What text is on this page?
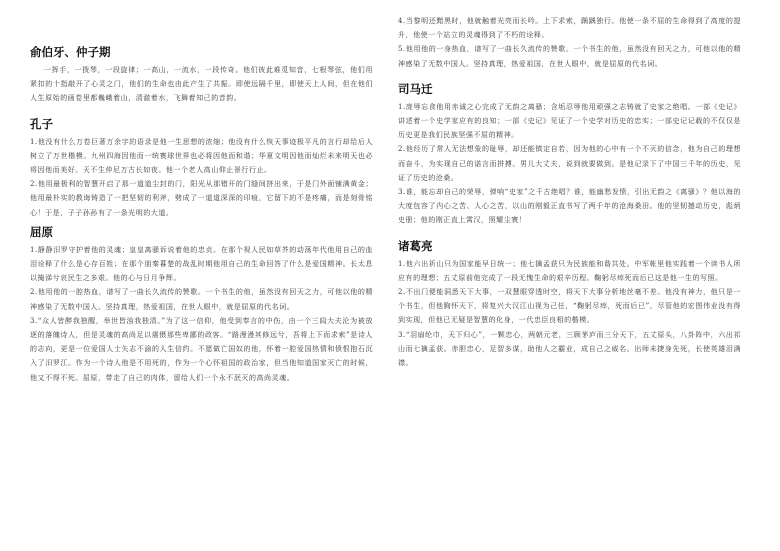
俞伯牙、仲子期

一挥手，一拨琴，一段旋律；一高山，一流水，一段传奇。他们彼此难觅知音，七根琴弦，他们用紧扣的十指敲开了心灵之门，他们的生命也由此产生了共振。即使远隔千里，即使天上人间，但在他们人生原始的画卷里都巍峨着山，清澈着水，飞舞着知己的音韵。

孔子

1.他没有什么万卷巨著万余字的语录是他一生思想的浓缩；他没有什么恢天事迹极平凡的言行却给后人树立了万世楷模。九州四海因他而一统寰球世界也必将因他而和谐；华夏文明因他而灿烂未来明天也必将因他而美好。天不生仲尼万古长如夜。他一个老人高山仰止景行行止。

2.他用最极利的智慧开启了那一道道尘封的门，阳光从那错开的门缝间挤出来，于是门外面铺满黄金；他用最朴实的教诲铸造了一把坚韧的利斧，劈成了一道道深深的印痕，它留下的不是疼痛，而是刻骨铭心！于是，子子孙孙有了一条光明的大道。

屈原

1.静静汨罗守护着他的灵魂；皇皇离骚诉说着他的忠贞。在那个视人民如草芥的动荡年代他用自己的血泪诠释了什么是心存百姓；在那个朋秦暮楚的战乱时期他用自己的生命回答了什么是爱国精神。长太息以掩涕兮哀民生之多艰。他的心与日月争辉。

2.他用他的一腔热血，谱写了一曲长久流传的赞歌。一个书生的他，虽然没有回天之力，可他以他的精神感染了无数中国人。坚持真理，热爱祖国，在世人眼中，就是屈原的代名词。

3.“众人皆醉我独醒，举世皆浊我独清。”为了这一信仰，他受到奉言的中伤，由一个三闾大夫沦为被放逐的落魄诗人，但是灵魂的高尚足以震慑那些卑鄙的政客。“路漫漫其修远兮，吾将上下而求索”是诗人的志向，更是一位爱国人士矢志不渝的人生信约。不愿做亡国奴的他，怀着一腔爱国热情和愤恨抱石沉入了汨罗江。作为一个诗人他是不用死的，作为一个心怀祖国的政治家，但当他知道国家灭亡的时候，他又不得不死。屈原，带走了自己的肉体，留给人们一个永不泯灭的高尚灵魂。

4.当黎明还黯黑时，他就触着光亮而长吟。上下求索，踽踽独行。他使一条不屈的生命得到了高度的提升，他使一个站立的灵魂得到了不朽的诠释。

5.他用他的一身热血，谱写了一曲长久流传的赞歌。一个书生的他，虽然没有回天之力，可他以他的精神感染了无数中国人。坚持真理，热爱祖国，在世人眼中，就是屈原的代名词。

司马迁

1.庞辱忘食他用赤诚之心完成了无韵之离骚；含垢忍辱他用顽强之志铸就了史家之绝唱。一部《史记》讲述着一个史学家应有的良知；一部《史记》见证了一个史学对历史的忠实；一部史记记载的不仅仅是历史更是我们民族坚强不屈的精神。

2.他经历了常人无法想象的耻辱，却还能镇定自若，因为他的心中有一个不灭的信念，他为自己的理想而奋斗，为实现自己的诺言而拼搏。男儿大丈夫，说到就要做到。是他记录下了中国三千年的历史，见证了历史的沧桑。

3.谁，能忘却自己的荣辱，弹响“史家”之千古绝唱？谁，能幽愁发愤，引出无韵之《离骚》？他以海的大度包容了内心之苦、人心之苦，以山的刚毅正直书写了两千年的沧海桑田。他的坚韧撼动历史，彪炳史册；他的刚正直上霄汉，照耀尘寰！

诸葛亮

1.他六出祈山只为国家能早日统一；他七擒孟获只为民族能和谐共处。中军帐里他实践着一个读书人所应有的理想；五丈原前他完成了一段无愧生命的艰辛历程。鞠躬尽瘁死而后已这是他一生的写照。

2.不出门便能洞悉天下大事，一双慧眼穿透时空，将天下大事分析地丝毫不差。他没有神力，他只是一个书生，但他胸怀天下，将复兴大汉江山视为己任，“鞠躬尽瘁，死而后已”，尽管他的宏图伟业没有得到实现，但他已无疑是智慧的化身，一代忠臣良相的楷模。

3.“羽扇纶巾，天下归心”，一颗忠心，两朝元老，三顾茅庐而三分天下，五丈原头，八卦阵中，六出祁山而七擒孟获。赤胆忠心，足智多谋，助他人之霸业，成自己之威名。出师未捷身先死，长使英雄泪满襟。
